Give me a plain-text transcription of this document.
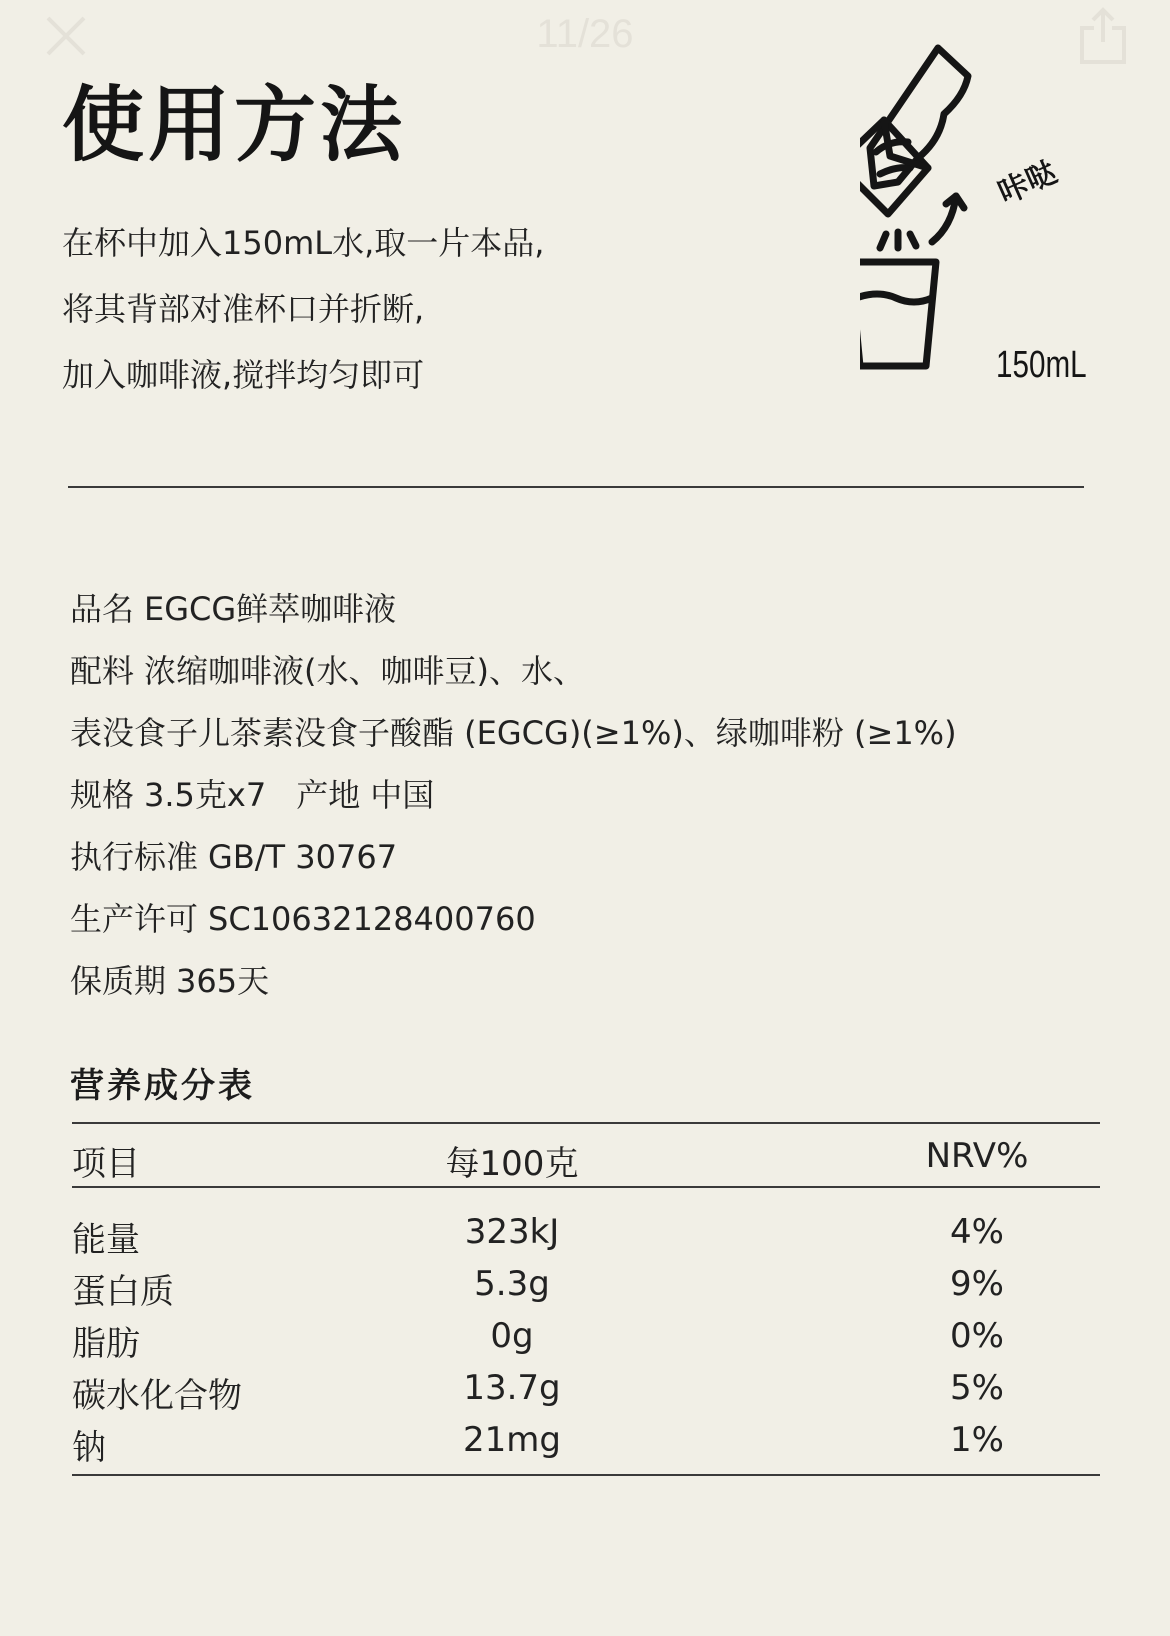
11/26
使用方法
在杯中加入150mL水,取一片本品,
将其背部对准杯口并折断,
加入咖啡液,搅拌均匀即可
咔哒
150mL
品名 EGCG鲜萃咖啡液
配料 浓缩咖啡液(水、咖啡豆)、水、
表没食子儿茶素没食子酸酯 (EGCG)(≥1%)、绿咖啡粉 (≥1%)
规格 3.5克x7 产地 中国
执行标准 GB/T 30767
生产许可 SC10632128400760
保质期 365天
营养成分表
项目	每100克	NRV%
能量	323kJ	4%
蛋白质	5.3g	9%
脂肪	0g	0%
碳水化合物	13.7g	5%
钠	21mg	1%
